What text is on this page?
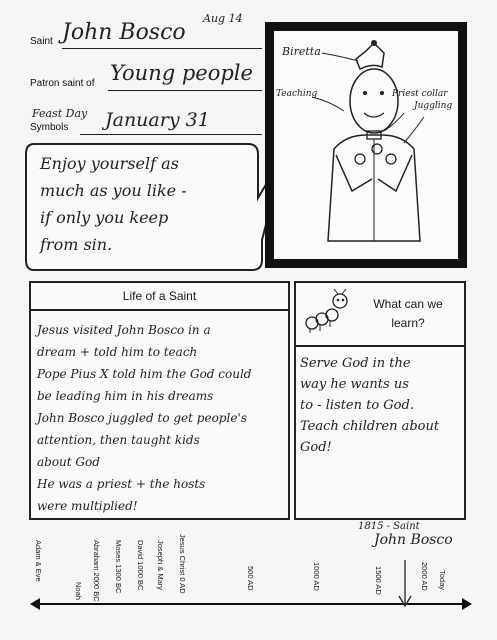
Saint John Bosco
Aug 14
Patron saint of Young people
Feast Day
Symbols January 31
Enjoy yourself as
much as you like -
if only you keep
from sin.
Biretta
Teaching	Priest collar
Juggling
Life of a Saint
Jesus visited John Bosco in a
dream + told him to teach
Pope Pius X told him the God could
be leading him in his dreams
John Bosco juggled to get people's
attention, then taught kids
about God
He was a priest + the hosts
were multiplied!
What can we
learn?
Serve God in the
way he wants us
to - listen to God.
Teach children about
God!
1815 - Saint
John Bosco
Adam & Eve
Noah Abraham 2000 BC Moses 1300 BC David 1000 BC Joseph & Mary Jesus Christ 0 AD	500 AD	1000 AD	1500 AD	2000 AD Today
